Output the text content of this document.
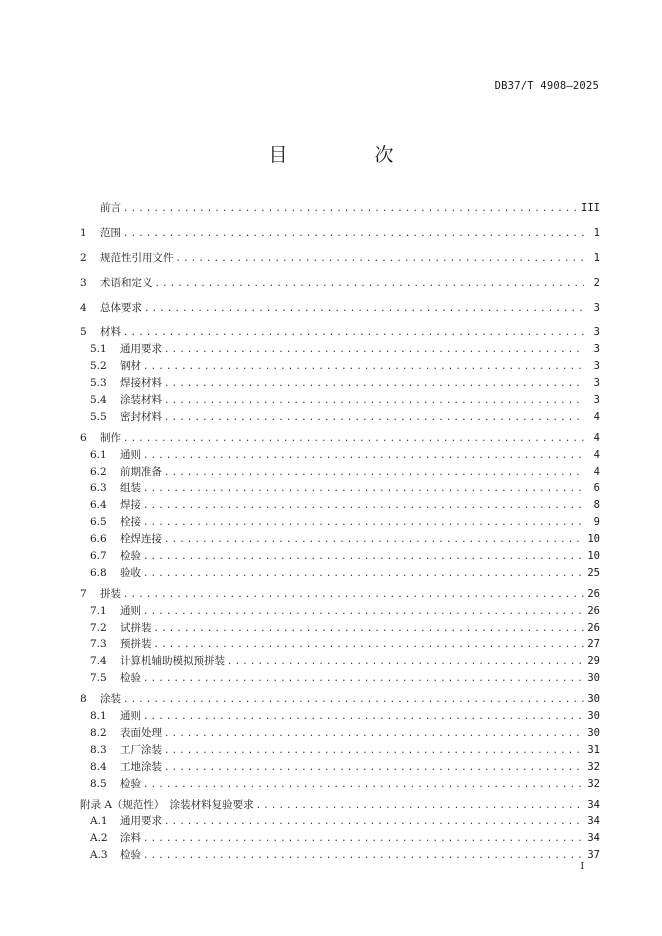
DB37/T 4908—2025
目　次
前言 .....	III
1	范围 .....	1
2	规范性引用文件 .....	1
3	术语和定义 .....	2
4	总体要求 .....	3
5	材料 .....	3
5.1	通用要求 .....	3
5.2	钢材 .....	3
5.3	焊接材料 .....	3
5.4	涂装材料 .....	3
5.5	密封材料 .....	4
6	制作 .....	4
6.1	通则 .....	4
6.2	前期准备 .....	4
6.3	组装 .....	6
6.4	焊接 .....	8
6.5	栓接 .....	9
6.6	栓焊连接 .....	10
6.7	检验 .....	10
6.8	验收 .....	25
7	拼装 .....	26
7.1	通则 .....	26
7.2	试拼装 .....	26
7.3	预拼装 .....	27
7.4	计算机辅助模拟预拼装 .....	29
7.5	检验 .....	30
8	涂装 .....	30
8.1	通则 .....	30
8.2	表面处理 .....	30
8.3	工厂涂装 .....	31
8.4	工地涂装 .....	32
8.5	检验 .....	32
附录 A（规范性）　涂装材料复验要求 .....	34
A.1	通用要求 .....	34
A.2	涂料 .....	34
A.3	检验 .....	37
I
